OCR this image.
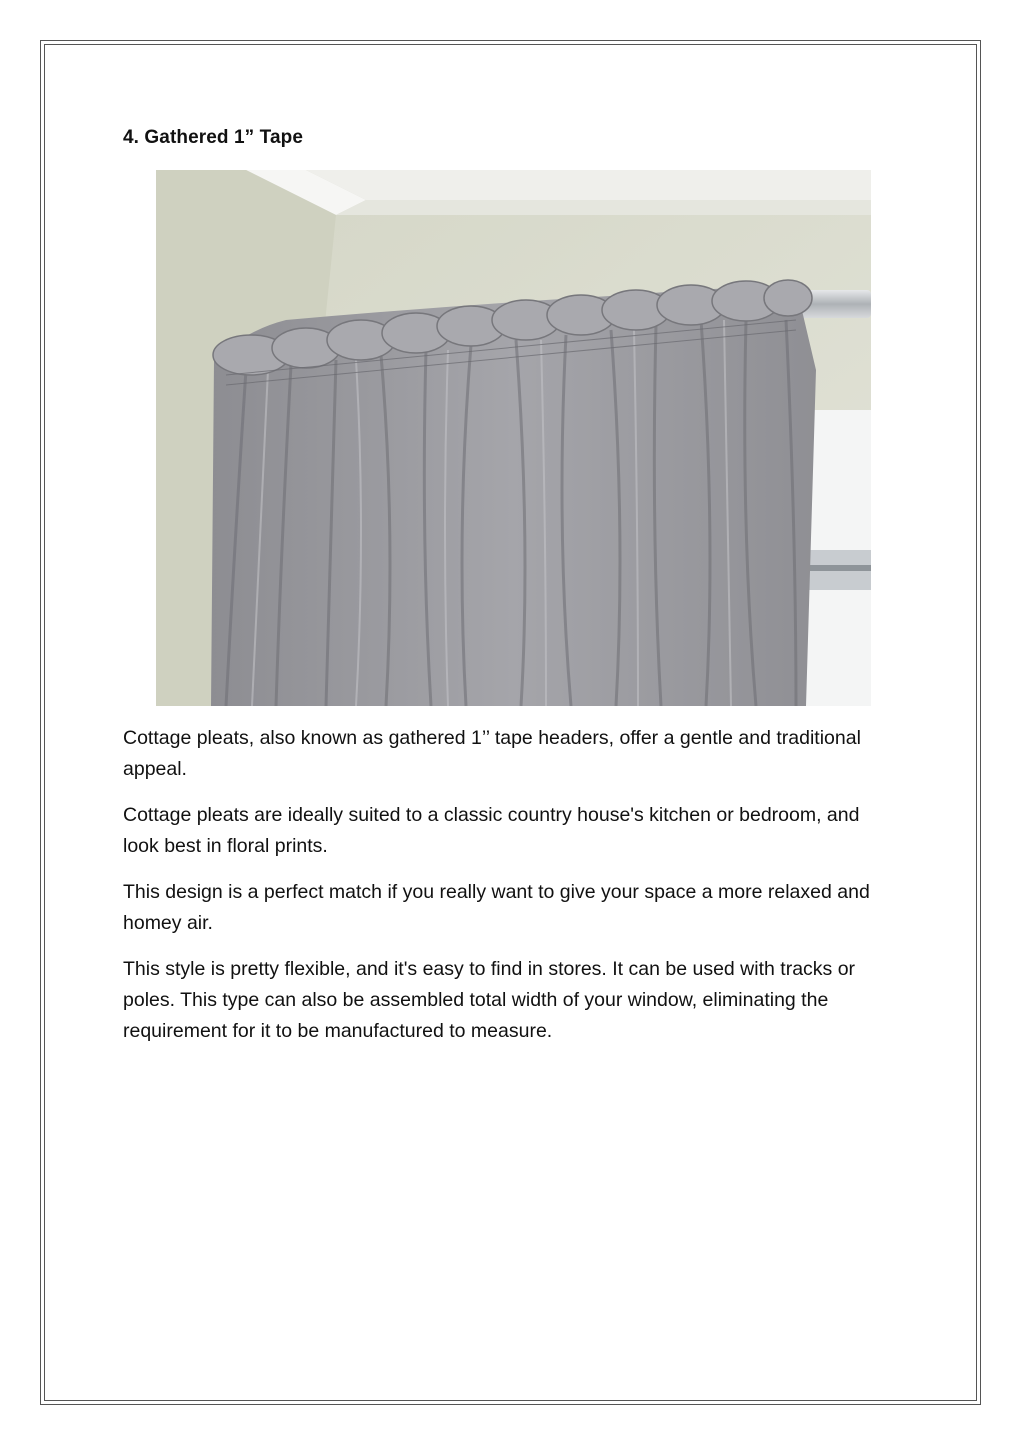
4. Gathered 1” Tape

Cottage pleats, also known as gathered 1’’ tape headers, offer a gentle and traditional appeal.

Cottage pleats are ideally suited to a classic country house's kitchen or bedroom, and look best in floral prints.

This design is a perfect match if you really want to give your space a more relaxed and homey air.

This style is pretty flexible, and it's easy to find in stores. It can be used with tracks or poles. This type can also be assembled total width of your window, eliminating the requirement for it to be manufactured to measure.
